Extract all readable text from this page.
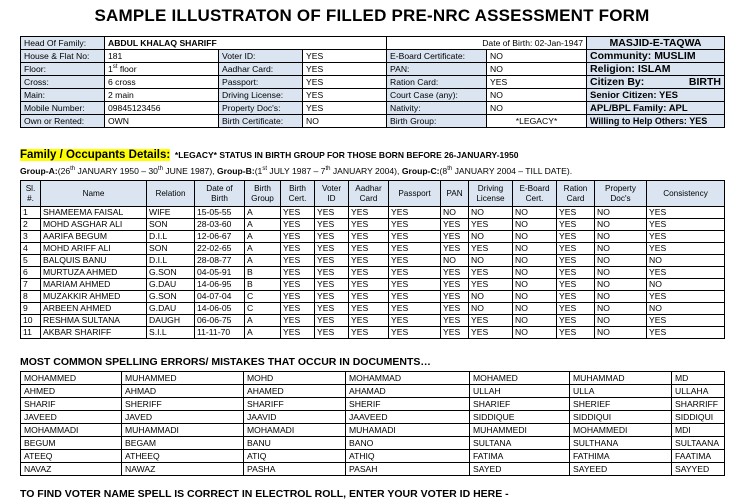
SAMPLE ILLUSTRATON OF FILLED PRE-NRC ASSESSMENT FORM
Head Of Family:	ABDUL KHALAQ SHARIFF			Date of Birth: 02-Jan-1947		MASJID-E-TAQWA
House & Flat No:	181	Voter ID:	YES	E-Board Certificate:	NO	Community: MUSLIM
Floor:	1st floor	Aadhar Card:	YES	PAN:	NO	Religion: ISLAM
Cross:	6 cross	Passport:	YES	Ration Card:	YES	Citizen By: BIRTH

Main:	2 main	Driving License:	YES	Court Case (any):	NO	Senior Citizen: YES
Mobile Number:	09845123456	Property Doc's:	YES	Nativity:	NO	APL/BPL Family: APL
Own or Rented:	OWN	Birth Certificate:	NO	Birth Group:	*LEGACY*	Willing to Help Others: YES
Family / Occupants Details: *LEGACY* STATUS IN BIRTH GROUP FOR THOSE BORN BEFORE 26-JANUARY-1950
Group-A:(26th JANUARY 1950 – 30th JUNE 1987), Group-B:(1st JULY 1987 – 7th JANUARY 2004), Group-C:(8th JANUARY 2004 – TILL DATE).
Sl. #.	Name	Relation	Date of Birth	Birth Group	Birth Cert.	Voter ID	Aadhar Card	Passport	PAN	Driving License	E-Board Cert.	Ration Card	Property Doc's	Consistency
1	SHAMEEMA FAISAL	WIFE	15-05-55	A	YES	YES	YES	YES	NO	NO	NO	YES	NO	YES
2	MOHD ASGHAR ALI	SON	28-03-60	A	YES	YES	YES	YES	YES	YES	NO	YES	NO	YES
3	AARIFA BEGUM	D.I.L	12-06-67	A	YES	YES	YES	YES	YES	NO	NO	YES	NO	YES
4	MOHD ARIFF ALI	SON	22-02-65	A	YES	YES	YES	YES	YES	YES	NO	YES	NO	YES
5	BALQUIS BANU	D.I.L	28-08-77	A	YES	YES	YES	YES	NO	NO	NO	YES	NO	NO
6	MURTUZA AHMED	G.SON	04-05-91	B	YES	YES	YES	YES	YES	YES	NO	YES	NO	YES
7	MARIAM AHMED	G.DAU	14-06-95	B	YES	YES	YES	YES	YES	YES	NO	YES	NO	NO
8	MUZAKKIR AHMED	G.SON	04-07-04	C	YES	YES	YES	YES	YES	NO	NO	YES	NO	YES
9	ARBEEN AHMED	G.DAU	14-06-05	C	YES	YES	YES	YES	YES	NO	NO	YES	NO	NO
10	RESHMA SULTANA	DAUGH	06-06-75	A	YES	YES	YES	YES	YES	YES	NO	YES	NO	YES
11	AKBAR SHARIFF	S.I.L	11-11-70	A	YES	YES	YES	YES	YES	YES	NO	YES	NO	YES
MOST COMMON SPELLING ERRORS/ MISTAKES THAT OCCUR IN DOCUMENTS…
MOHAMMED	MUHAMMED	MOHD	MOHAMMAD	MOHAMED	MUHAMMAD	MD
AHMED	AHMAD	AHAMED	AHAMAD	ULLAH	ULLA	ULLAHA
SHARIF	SHERIFF	SHARIFF	SHERIF	SHARIEF	SHERIEF	SHARRIFF
JAVEED	JAVED	JAAVID	JAAVEED	SIDDIQUE	SIDDIQUI	SIDDIQUI
MOHAMMADI	MUHAMMADI	MOHAMADI	MUHAMADI	MUHAMMEDI	MOHAMMEDI	MDI
BEGUM	BEGAM	BANU	BANO	SULTANA	SULTHANA	SULTAANA
ATEEQ	ATHEEQ	ATIQ	ATHIQ	FATIMA	FATHIMA	FAATIMA
NAVAZ	NAWAZ	PASHA	PASAH	SAYED	SAYEED	SAYYED
TO FIND VOTER NAME SPELL IS CORRECT IN ELECTROL ROLL, ENTER YOUR VOTER ID HERE -
